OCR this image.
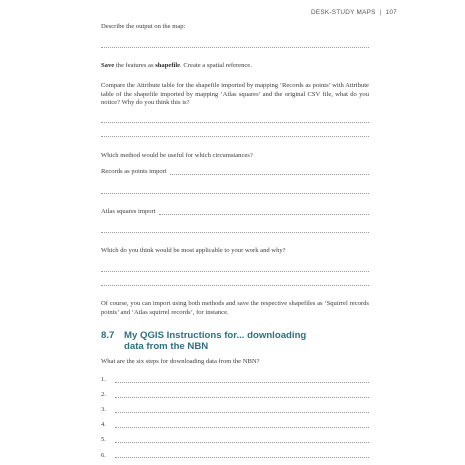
DESK-STUDY MAPS | 107
Describe the output on the map:
Save the features as shapefile. Create a spatial reference.
Compare the Attribute table for the shapefile imported by mapping ‘Records as points’ with Attribute table of the shapefile imported by mapping ‘Atlas squares’ and the original CSV file, what do you notice? Why do you think this is?
Which method would be useful for which circumstances?
Records as points import
Atlas squares import
Which do you think would be most applicable to your work and why?
Of course, you can import using both methods and save the respective shapefiles as ‘Squirrel records points’ and ‘Atlas squirrel records’, for instance.
8.7 My QGIS Instructions for... downloading
data from the NBN
What are the six steps for downloading data from the NBN?
1.
2.
3.
4.
5.
6.
